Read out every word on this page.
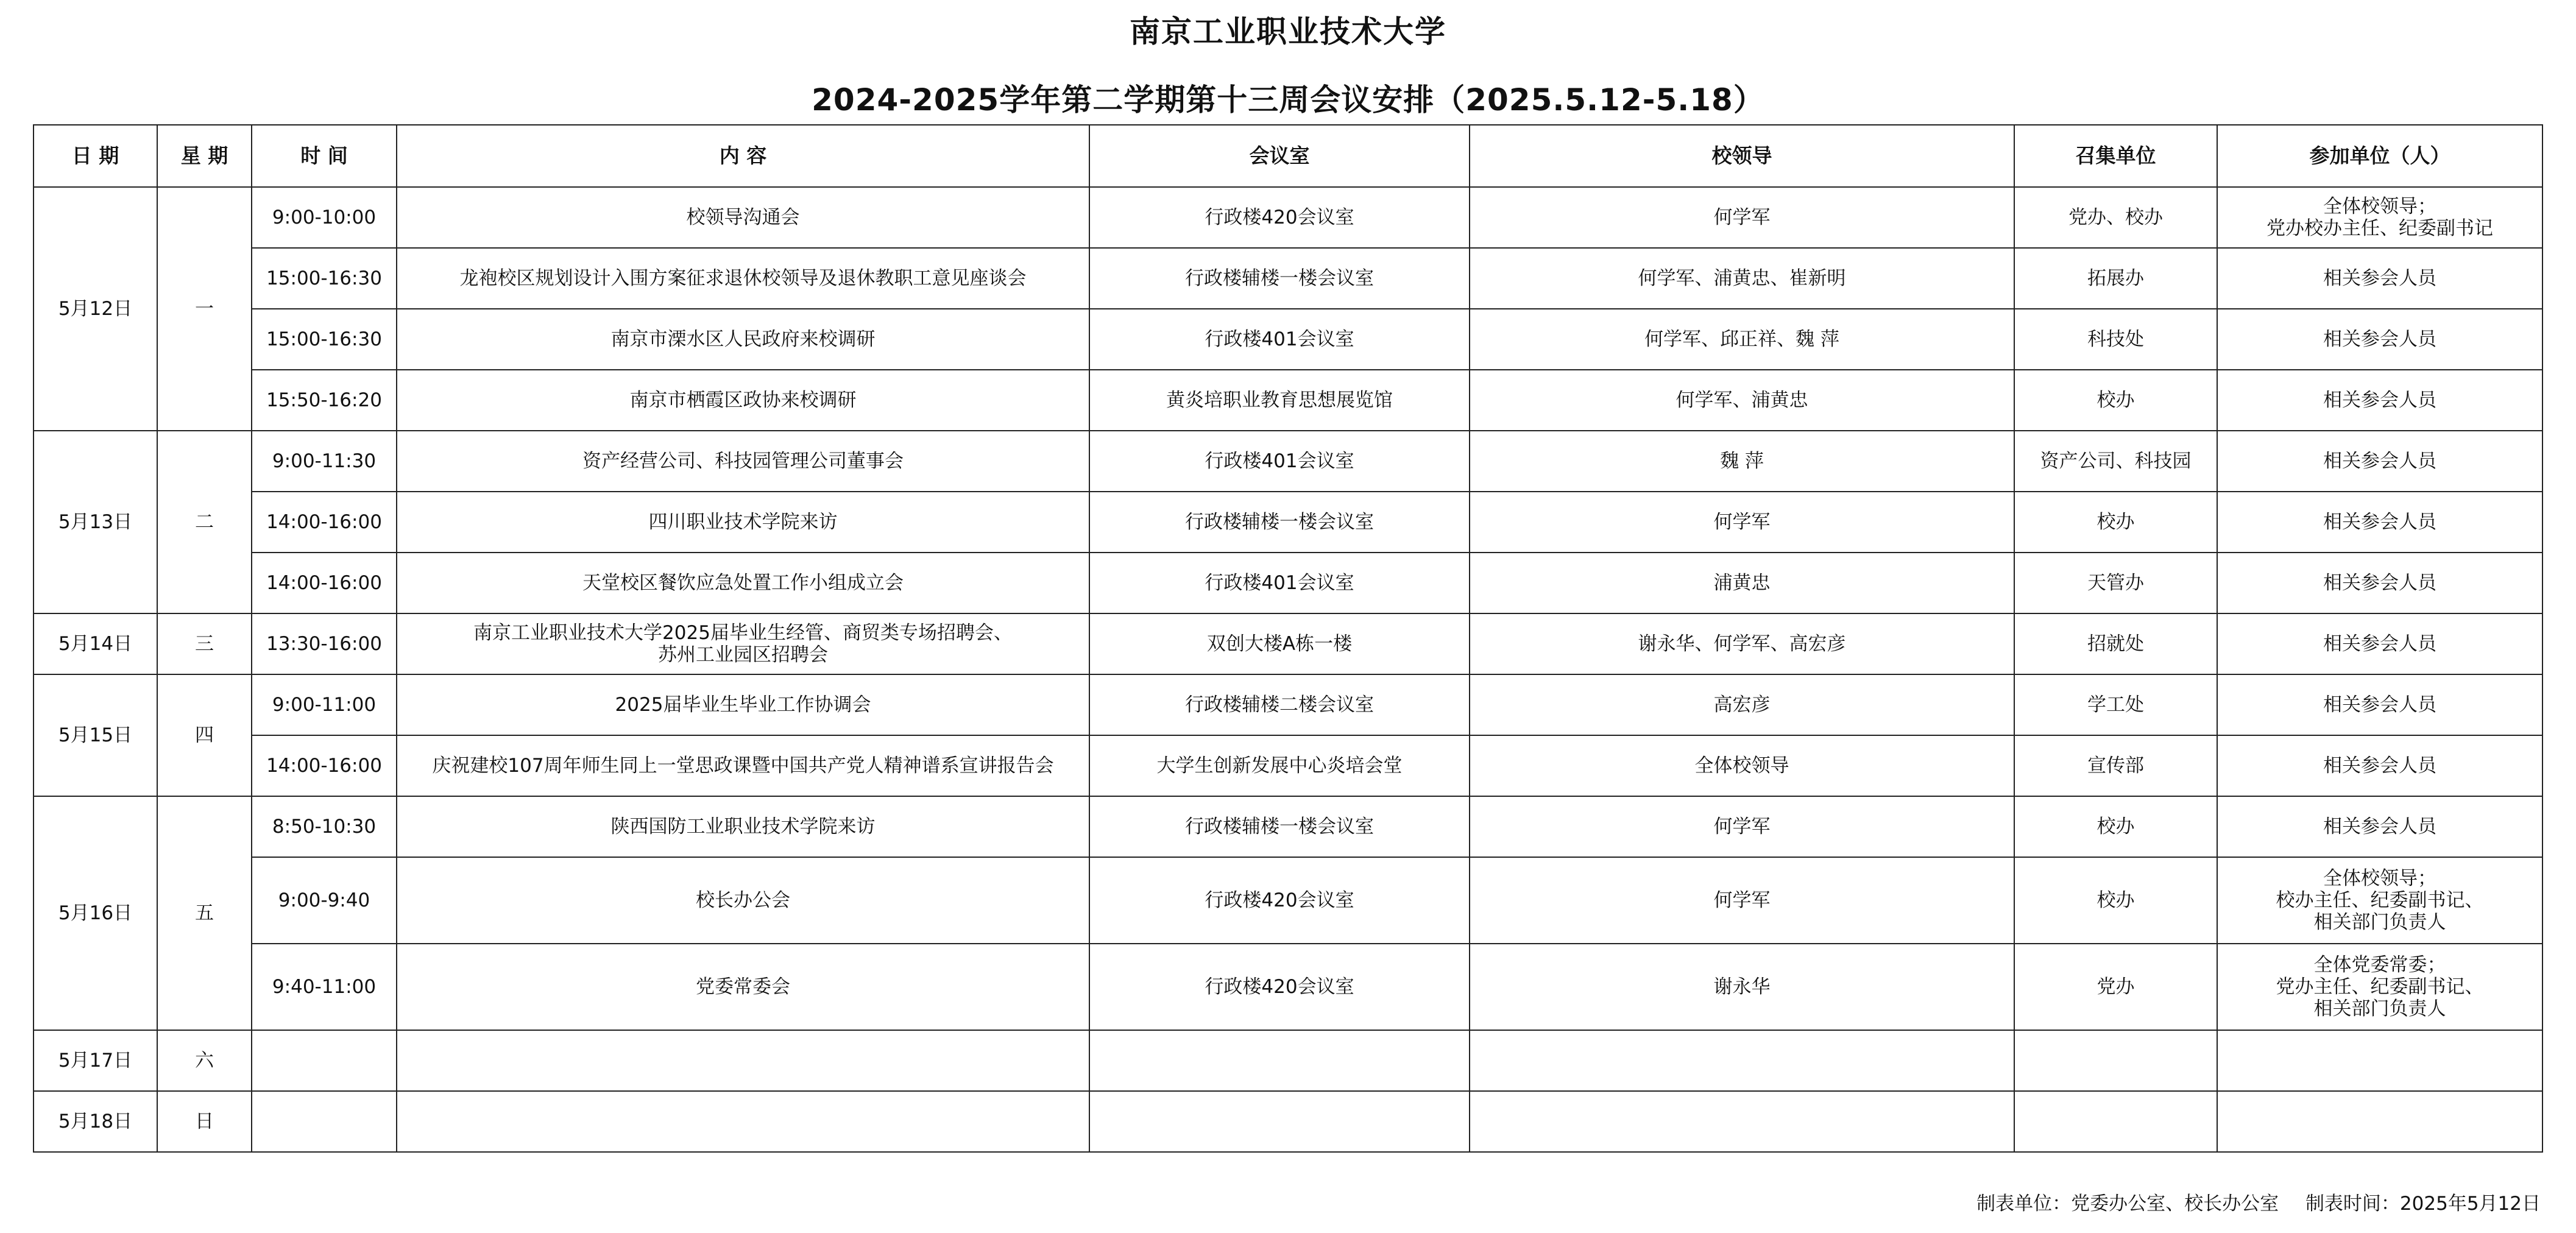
南京工业职业技术大学
2024-2025学年第二学期第十三周会议安排（2025.5.12-5.18）
日 期	星 期	时 间	内 容	会议室	校领导	召集单位	参加单位（人）
5月12日	一	9:00-10:00	校领导沟通会	行政楼420会议室	何学军	党办、校办	全体校领导；
党办校办主任、纪委副书记

		15:00-16:30	龙袍校区规划设计入围方案征求退休校领导及退休教职工意见座谈会	行政楼辅楼一楼会议室	何学军、浦黄忠、崔新明	拓展办	相关参会人员
		15:00-16:30	南京市溧水区人民政府来校调研	行政楼401会议室	何学军、邱正祥、魏 萍	科技处	相关参会人员
		15:50-16:20	南京市栖霞区政协来校调研	黄炎培职业教育思想展览馆	何学军、浦黄忠	校办	相关参会人员
5月13日	二	9:00-11:30	资产经营公司、科技园管理公司董事会	行政楼401会议室	魏 萍	资产公司、科技园	相关参会人员
		14:00-16:00	四川职业技术学院来访	行政楼辅楼一楼会议室	何学军	校办	相关参会人员
		14:00-16:00	天堂校区餐饮应急处置工作小组成立会	行政楼401会议室	浦黄忠	天管办	相关参会人员
5月14日	三	13:30-16:00	南京工业职业技术大学2025届毕业生经管、商贸类专场招聘会、
苏州工业园区招聘会	双创大楼A栋一楼	谢永华、何学军、高宏彦	招就处	相关参会人员
5月15日	四	9:00-11:00	2025届毕业生毕业工作协调会	行政楼辅楼二楼会议室	高宏彦	学工处	相关参会人员
		14:00-16:00	庆祝建校107周年师生同上一堂思政课暨中国共产党人精神谱系宣讲报告会	大学生创新发展中心炎培会堂	全体校领导	宣传部	相关参会人员
5月16日	五	8:50-10:30	陕西国防工业职业技术学院来访	行政楼辅楼一楼会议室	何学军	校办	相关参会人员
		9:00-9:40	校长办公会	行政楼420会议室	何学军	校办	全体校领导；
校办主任、纪委副书记、
相关部门负责人

		9:40-11:00	党委常委会	行政楼420会议室	谢永华	党办	全体党委常委；
党办主任、纪委副书记、
相关部门负责人

5月17日	六						
5月18日	日						
制表单位：党委办公室、校长办公室 制表时间：2025年5月12日
